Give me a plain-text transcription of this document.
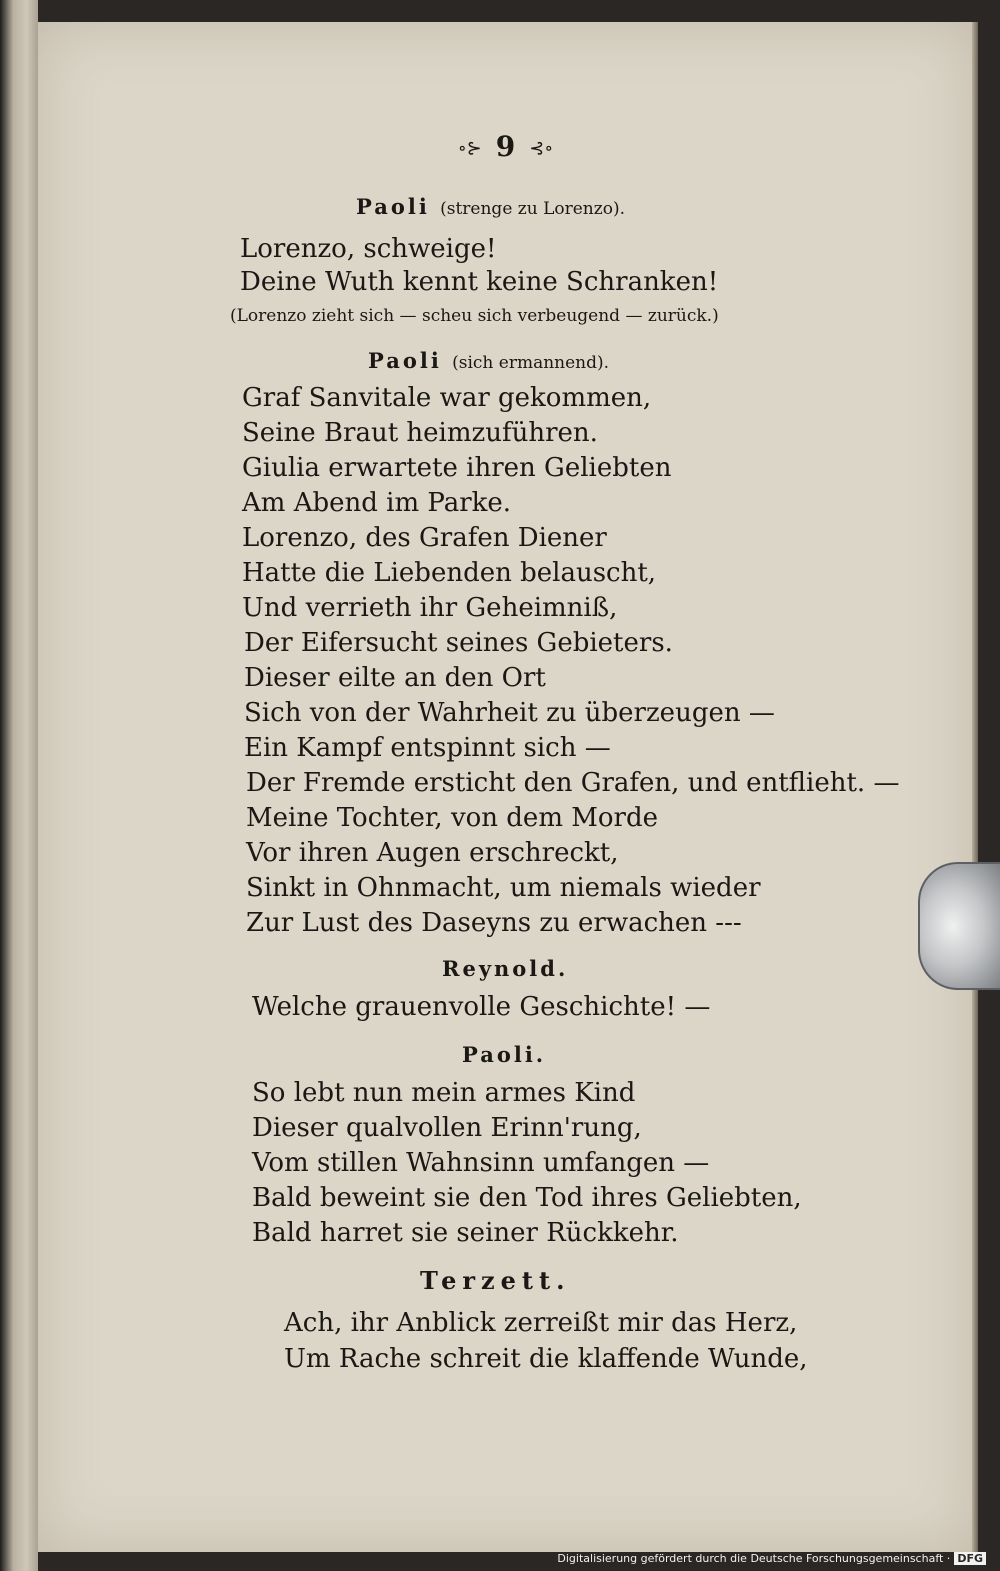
∘⊱ 9 ⊰∘
Paoli (strenge zu Lorenzo).
Lorenzo, schweige!
Deine Wuth kennt keine Schranken!
(Lorenzo zieht sich — scheu sich verbeugend — zurück.)
Paoli (sich ermannend).
Graf Sanvitale war gekommen,
Seine Braut heimzuführen.
Giulia erwartete ihren Geliebten
Am Abend im Parke.
Lorenzo, des Grafen Diener
Hatte die Liebenden belauscht,
Und verrieth ihr Geheimniß,
Der Eifersucht seines Gebieters.
Dieser eilte an den Ort
Sich von der Wahrheit zu überzeugen —
Ein Kampf entspinnt sich —
Der Fremde ersticht den Grafen, und entflieht. —
Meine Tochter, von dem Morde
Vor ihren Augen erschreckt,
Sinkt in Ohnmacht, um niemals wieder
Zur Lust des Daseyns zu erwachen ---
Reynold.
Welche grauenvolle Geschichte! —
Paoli.
So lebt nun mein armes Kind
Dieser qualvollen Erinn'rung,
Vom stillen Wahnsinn umfangen —
Bald beweint sie den Tod ihres Geliebten,
Bald harret sie seiner Rückkehr.
Terzett.
Ach, ihr Anblick zerreißt mir das Herz,
Um Rache schreit die klaffende Wunde,
Digitalisierung gefördert durch die Deutsche Forschungsgemeinschaft · DFG
